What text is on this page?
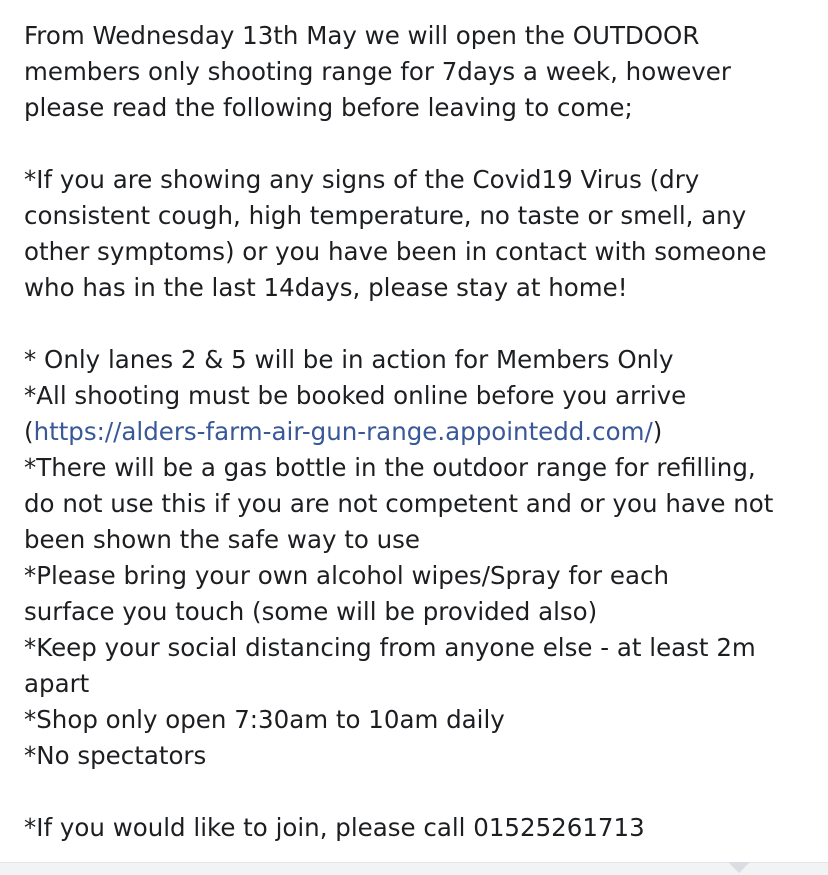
From Wednesday 13th May we will open the OUTDOOR
members only shooting range for 7days a week, however
please read the following before leaving to come;

*If you are showing any signs of the Covid19 Virus (dry
consistent cough, high temperature, no taste or smell, any
other symptoms) or you have been in contact with someone
who has in the last 14days, please stay at home!

* Only lanes 2 & 5 will be in action for Members Only
*All shooting must be booked online before you arrive
(https://alders-farm-air-gun-range.appointedd.com/)
*There will be a gas bottle in the outdoor range for refilling,
do not use this if you are not competent and or you have not
been shown the safe way to use
*Please bring your own alcohol wipes/Spray for each
surface you touch (some will be provided also)
*Keep your social distancing from anyone else - at least 2m
apart
*Shop only open 7:30am to 10am daily
*No spectators

*If you would like to join, please call 01525261713
